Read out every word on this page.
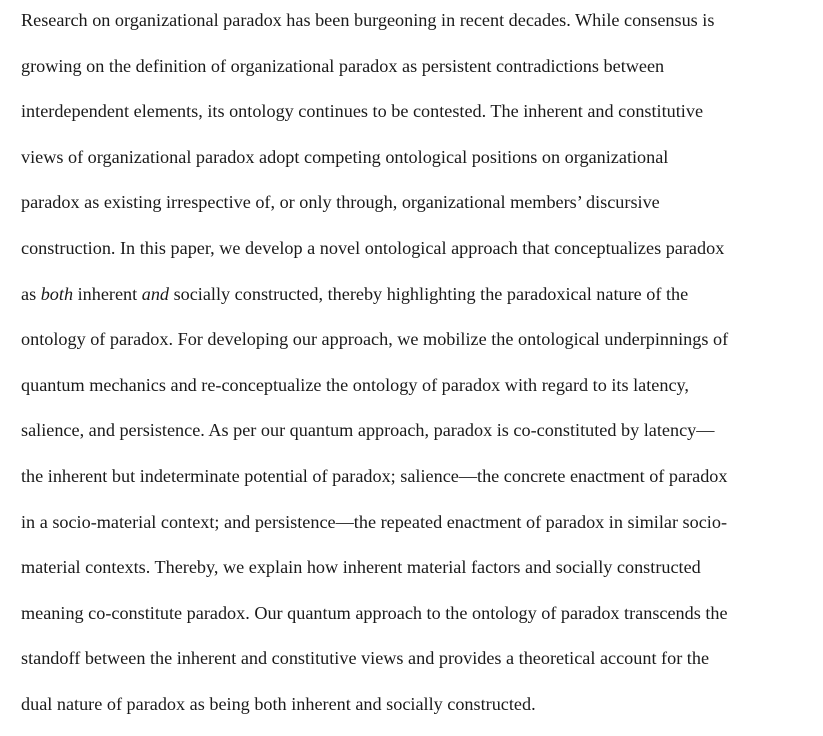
Research on organizational paradox has been burgeoning in recent decades. While consensus is
growing on the definition of organizational paradox as persistent contradictions between
interdependent elements, its ontology continues to be contested. The inherent and constitutive
views of organizational paradox adopt competing ontological positions on organizational
paradox as existing irrespective of, or only through, organizational members’ discursive
construction. In this paper, we develop a novel ontological approach that conceptualizes paradox
as both inherent and socially constructed, thereby highlighting the paradoxical nature of the
ontology of paradox. For developing our approach, we mobilize the ontological underpinnings of
quantum mechanics and re-conceptualize the ontology of paradox with regard to its latency,
salience, and persistence. As per our quantum approach, paradox is co-constituted by latency—
the inherent but indeterminate potential of paradox; salience—the concrete enactment of paradox
in a socio-material context; and persistence—the repeated enactment of paradox in similar socio-
material contexts. Thereby, we explain how inherent material factors and socially constructed
meaning co-constitute paradox. Our quantum approach to the ontology of paradox transcends the
standoff between the inherent and constitutive views and provides a theoretical account for the
dual nature of paradox as being both inherent and socially constructed.
